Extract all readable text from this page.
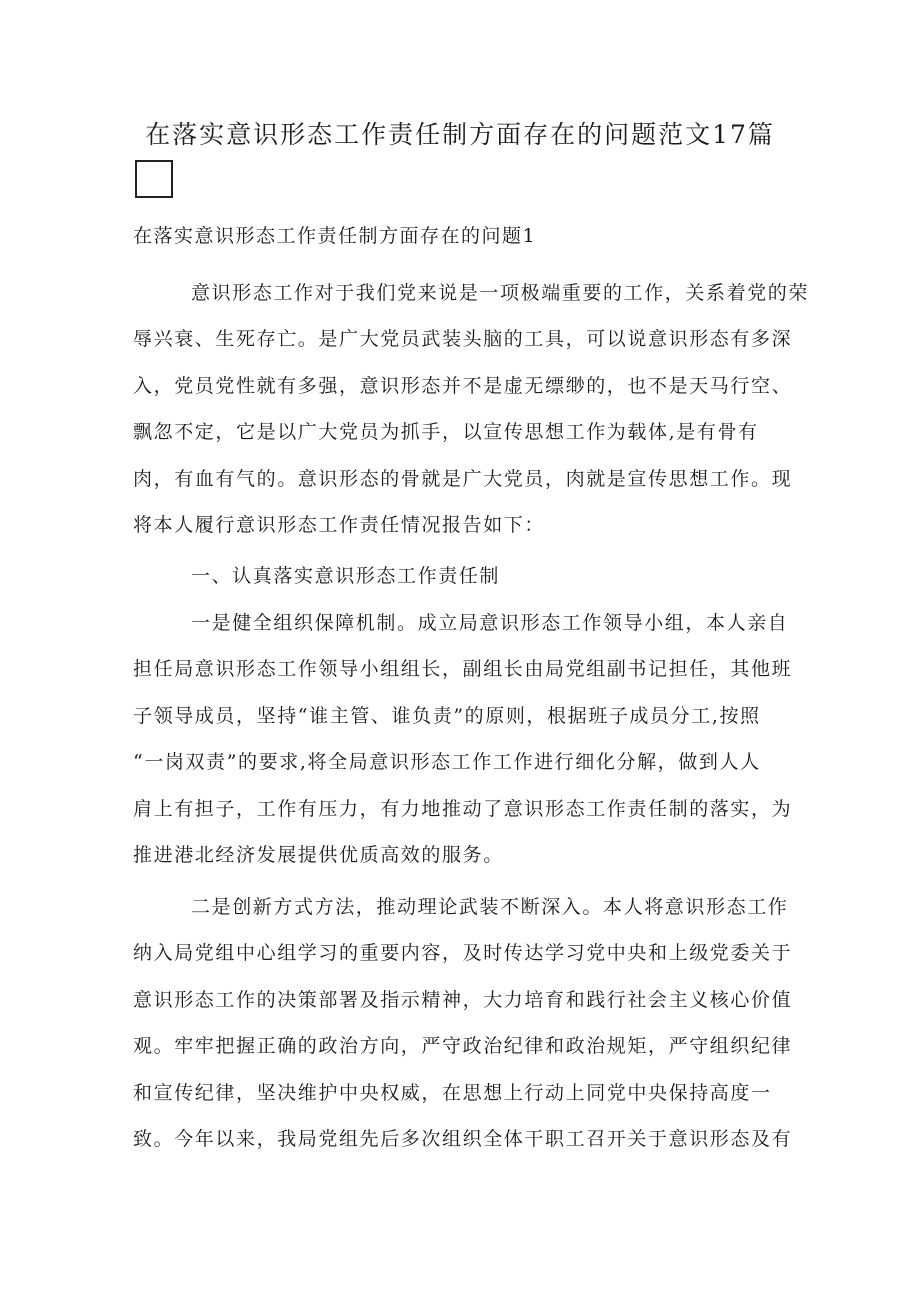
在落实意识形态工作责任制方面存在的问题范文17篇
在落实意识形态工作责任制方面存在的问题1

意识形态工作对于我们党来说是一项极端重要的工作，关系着党的荣
辱兴衰、生死存亡。是广大党员武装头脑的工具，可以说意识形态有多深
入，党员党性就有多强，意识形态并不是虚无缥缈的，也不是天马行空、
飘忽不定，它是以广大党员为抓手，以宣传思想工作为载体,是有骨有
肉，有血有气的。意识形态的骨就是广大党员，肉就是宣传思想工作。现
将本人履行意识形态工作责任情况报告如下：

一、认真落实意识形态工作责任制

一是健全组织保障机制。成立局意识形态工作领导小组，本人亲自
担任局意识形态工作领导小组组长，副组长由局党组副书记担任，其他班
子领导成员，坚持“谁主管、谁负责”的原则，根据班子成员分工,按照
“一岗双责”的要求,将全局意识形态工作工作进行细化分解，做到人人
肩上有担子，工作有压力，有力地推动了意识形态工作责任制的落实，为
推进港北经济发展提供优质高效的服务。

二是创新方式方法，推动理论武装不断深入。本人将意识形态工作
纳入局党组中心组学习的重要内容，及时传达学习党中央和上级党委关于
意识形态工作的决策部署及指示精神，大力培育和践行社会主义核心价值
观。牢牢把握正确的政治方向，严守政治纪律和政治规矩，严守组织纪律
和宣传纪律，坚决维护中央权威，在思想上行动上同党中央保持高度一
致。今年以来，我局党组先后多次组织全体干职工召开关于意识形态及有
